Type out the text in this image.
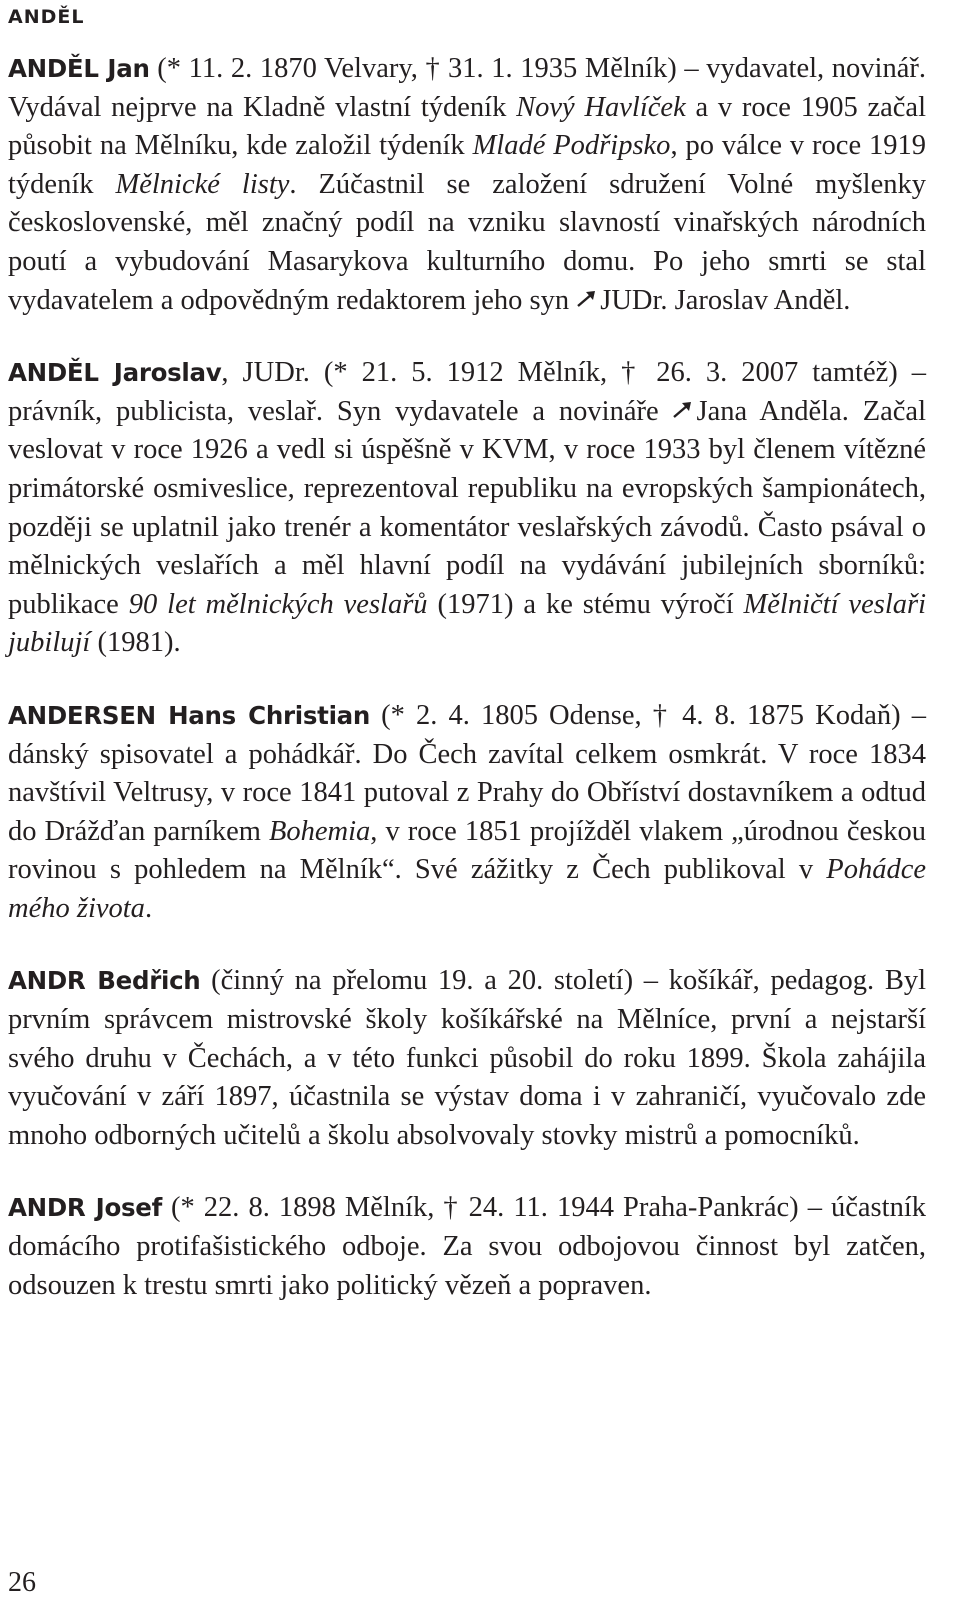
ANDĚL

ANDĚL Jan (* 11. 2. 1870 Velvary, † 31. 1. 1935 Mělník) – vydavatel, novinář. Vydával nejprve na Kladně vlastní týdeník Nový Havlíček a v roce 1905 začal působit na Mělníku, kde založil týdeník Mladé Podřipsko, po válce v roce 1919 týdeník Mělnické listy. Zúčastnil se založení sdružení Volné myšlenky československé, měl značný podíl na vzniku slavností vinařských národních poutí a vybudování Masarykova kulturního domu. Po jeho smrti se stal vydavatelem a odpovědným redaktorem jeho syn JUDr. Jaroslav Anděl.

ANDĚL Jaroslav, JUDr. (* 21. 5. 1912 Mělník, † 26. 3. 2007 tamtéž) – právník, publicista, veslař. Syn vydavatele a novináře Jana Anděla. Začal veslovat v roce 1926 a vedl si úspěšně v KVM, v roce 1933 byl členem vítězné primátorské osmiveslice, reprezentoval republiku na evropských šampionátech, později se uplatnil jako trenér a komentátor veslařských závodů. Často psával o mělnických veslařích a měl hlavní podíl na vydávání jubilejních sborníků: publikace 90 let mělnických veslařů (1971) a ke stému výročí Mělničtí veslaři jubilují (1981).

ANDERSEN Hans Christian (* 2. 4. 1805 Odense, † 4. 8. 1875 Kodaň) – dánský spisovatel a pohádkář. Do Čech zavítal celkem osmkrát. V roce 1834 navštívil Veltrusy, v roce 1841 putoval z Prahy do Obříství dostavníkem a odtud do Drážďan parníkem Bohemia, v roce 1851 projížděl vlakem „úrodnou českou rovinou s pohledem na Mělník“. Své zážitky z Čech publikoval v Pohádce mého života.

ANDR Bedřich (činný na přelomu 19. a 20. století) – košíkář, pedagog. Byl prvním správcem mistrovské školy košíkářské na Mělníce, první a nejstarší svého druhu v Čechách, a v této funkci působil do roku 1899. Škola zahájila vyučování v září 1897, účastnila se výstav doma i v zahraničí, vyučovalo zde mnoho odborných učitelů a školu absolvovaly stovky mistrů a pomocníků.

ANDR Josef (* 22. 8. 1898 Mělník, † 24. 11. 1944 Praha-Pankrác) – účastník domácího protifašistického odboje. Za svou odbojovou činnost byl zatčen, odsouzen k trestu smrti jako politický vězeň a popraven.

26
